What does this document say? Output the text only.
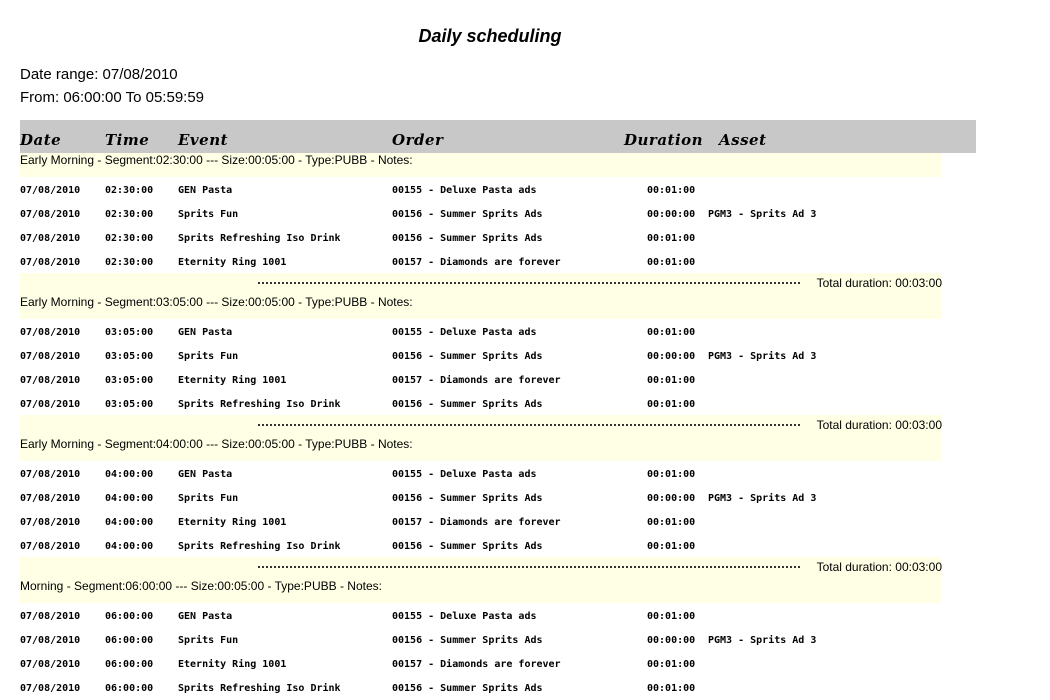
Daily scheduling
Date range: 07/08/2010
From: 06:00:00 To 05:59:59
Date	Time Event	Order	Duration Asset
Early Morning - Segment:02:30:00 --- Size:00:05:00 - Type:PUBB - Notes:
07/08/2010 02:30:00 GEN Pasta	00155 - Deluxe Pasta ads	00:01:00
07/08/2010 02:30:00 Sprits Fun	00156 - Summer Sprits Ads	00:00:00 PGM3 - Sprits Ad 3
07/08/2010 02:30:00 Sprits Refreshing Iso Drink	00156 - Summer Sprits Ads	00:01:00
07/08/2010 02:30:00 Eternity Ring 1001	00157 - Diamonds are forever	00:01:00
Total duration: 00:03:00
Early Morning - Segment:03:05:00 --- Size:00:05:00 - Type:PUBB - Notes:
07/08/2010 03:05:00 GEN Pasta	00155 - Deluxe Pasta ads	00:01:00
07/08/2010 03:05:00 Sprits Fun	00156 - Summer Sprits Ads	00:00:00 PGM3 - Sprits Ad 3
07/08/2010 03:05:00 Eternity Ring 1001	00157 - Diamonds are forever	00:01:00
07/08/2010 03:05:00 Sprits Refreshing Iso Drink	00156 - Summer Sprits Ads	00:01:00
Total duration: 00:03:00
Early Morning - Segment:04:00:00 --- Size:00:05:00 - Type:PUBB - Notes:
07/08/2010 04:00:00 GEN Pasta	00155 - Deluxe Pasta ads	00:01:00
07/08/2010 04:00:00 Sprits Fun	00156 - Summer Sprits Ads	00:00:00 PGM3 - Sprits Ad 3
07/08/2010 04:00:00 Eternity Ring 1001	00157 - Diamonds are forever	00:01:00
07/08/2010 04:00:00 Sprits Refreshing Iso Drink	00156 - Summer Sprits Ads	00:01:00
Total duration: 00:03:00
Morning - Segment:06:00:00 --- Size:00:05:00 - Type:PUBB - Notes:
07/08/2010 06:00:00 GEN Pasta	00155 - Deluxe Pasta ads	00:01:00
07/08/2010 06:00:00 Sprits Fun	00156 - Summer Sprits Ads	00:00:00 PGM3 - Sprits Ad 3
07/08/2010 06:00:00 Eternity Ring 1001	00157 - Diamonds are forever	00:01:00
07/08/2010 06:00:00 Sprits Refreshing Iso Drink	00156 - Summer Sprits Ads	00:01:00
